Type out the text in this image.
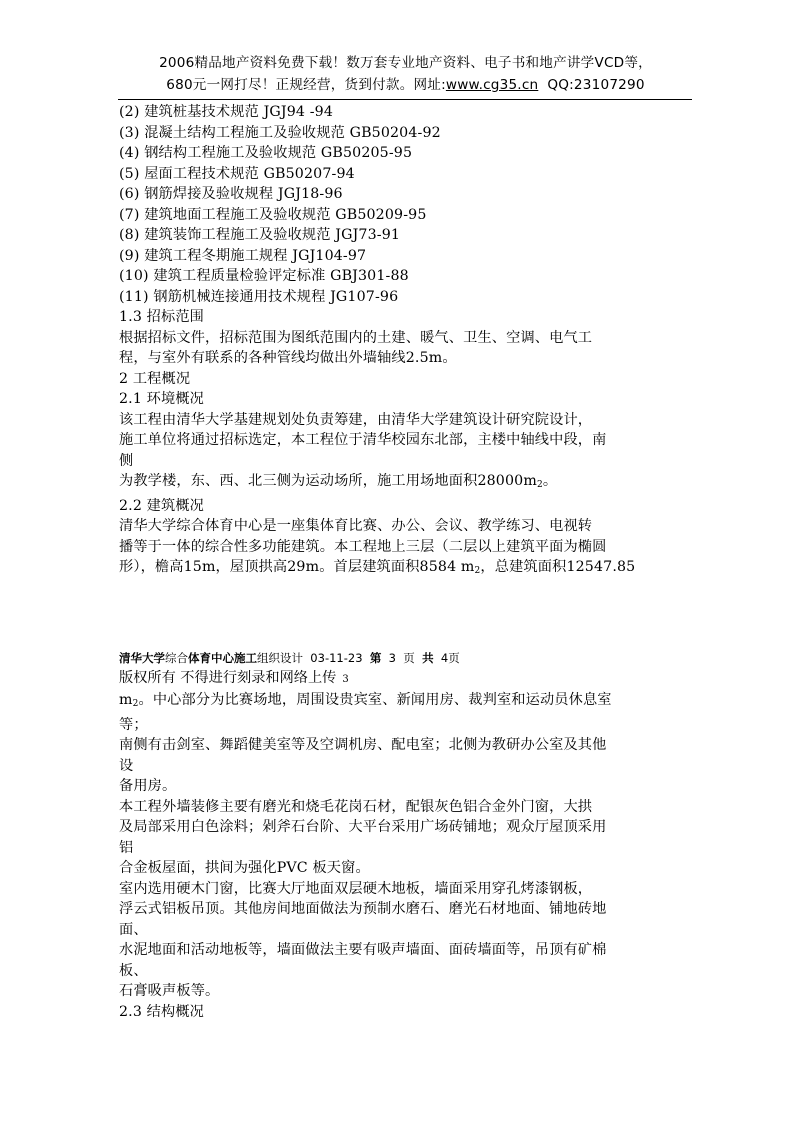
2006精品地产资料免费下载！数万套专业地产资料、电子书和地产讲学VCD等，
680元一网打尽！正规经营，货到付款。网址:www.cg35.cn  QQ:23107290

(2) 建筑桩基技术规范 JGJ94 -94

(3) 混凝土结构工程施工及验收规范 GB50204-92

(4) 钢结构工程施工及验收规范 GB50205-95

(5) 屋面工程技术规范 GB50207-94

(6) 钢筋焊接及验收规程 JGJ18-96

(7) 建筑地面工程施工及验收规范 GB50209-95

(8) 建筑装饰工程施工及验收规范 JGJ73-91

(9) 建筑工程冬期施工规程 JGJ104-97

(10) 建筑工程质量检验评定标准 GBJ301-88

(11) 钢筋机械连接通用技术规程 JG107-96

1.3 招标范围

根据招标文件，招标范围为图纸范围内的土建、暖气、卫生、空调、电气工

程，与室外有联系的各种管线均做出外墙轴线2.5m。

2 工程概况

2.1 环境概况

该工程由清华大学基建规划处负责筹建，由清华大学建筑设计研究院设计，

施工单位将通过招标选定，本工程位于清华校园东北部，主楼中轴线中段，南

侧

为教学楼，东、西、北三侧为运动场所，施工用场地面积$28000m_2$。

2.2 建筑概况

清华大学综合体育中心是一座集体育比赛、办公、会议、教学练习、电视转

播等于一体的综合性多功能建筑。本工程地上三层（二层以上建筑平面为椭圆

形），檐高15m，屋顶拱高29m。首层建筑面积8584 $m_2$，总建筑面积12547.85

清华大学综合体育中心施工组织设计  03-11-23  第  3  页  共  4页
版权所有 不得进行刻录和网络上传 3

$m_2$。中心部分为比赛场地，周围设贵宾室、新闻用房、裁判室和运动员休息室

等；

南侧有击剑室、舞蹈健美室等及空调机房、配电室；北侧为教研办公室及其他

设

备用房。

本工程外墙装修主要有磨光和烧毛花岗石材，配银灰色铝合金外门窗，大拱

及局部采用白色涂料；剁斧石台阶、大平台采用广场砖铺地；观众厅屋顶采用

铝

合金板屋面，拱间为强化PVC 板天窗。

室内选用硬木门窗，比赛大厅地面双层硬木地板，墙面采用穿孔烤漆钢板，

浮云式铝板吊顶。其他房间地面做法为预制水磨石、磨光石材地面、铺地砖地

面、

水泥地面和活动地板等，墙面做法主要有吸声墙面、面砖墙面等，吊顶有矿棉

板、

石膏吸声板等。

2.3 结构概况
